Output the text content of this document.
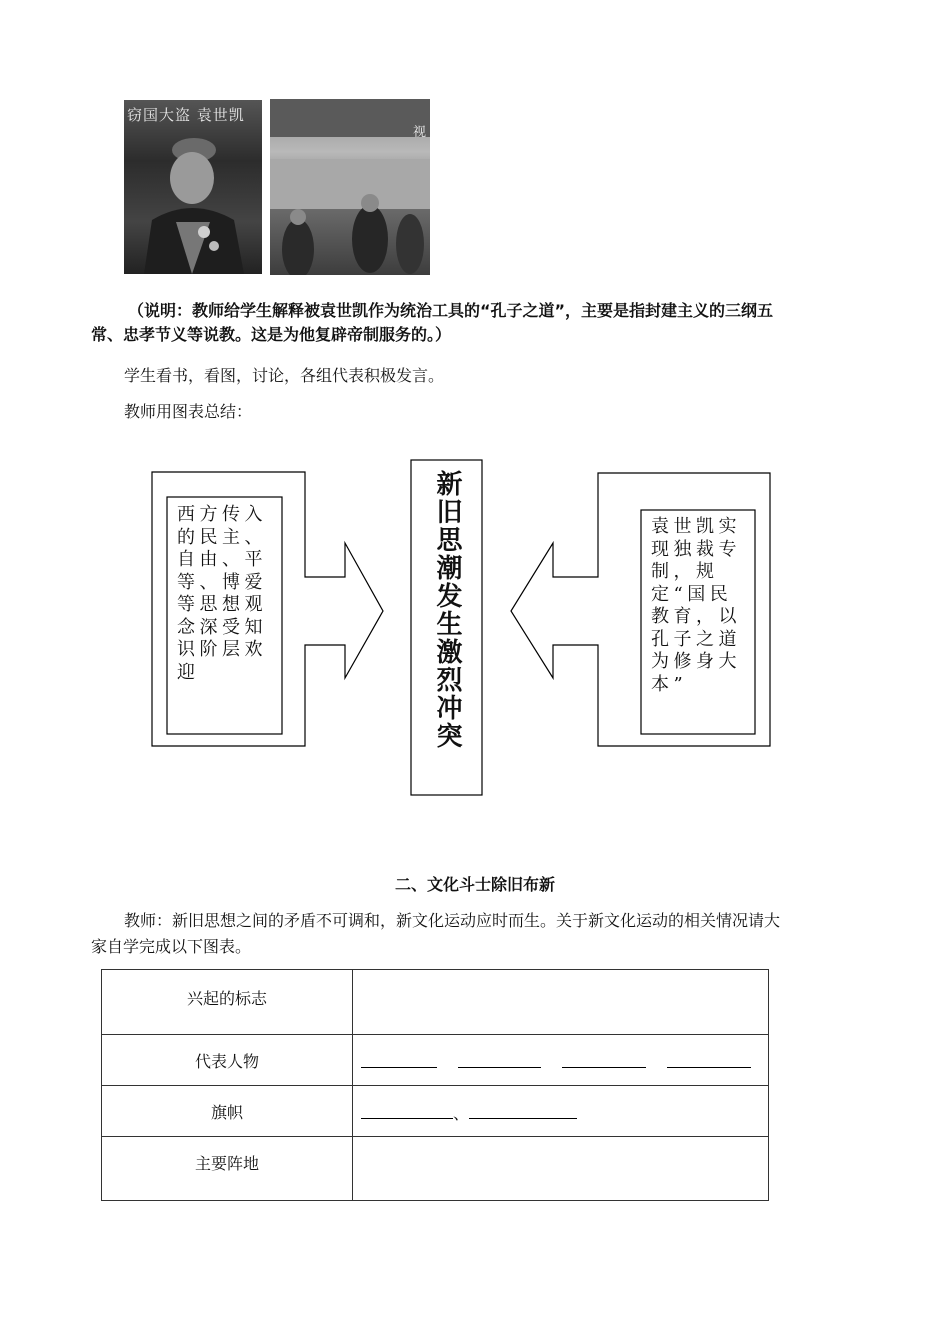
窃国大盗 袁世凯
视
（说明：教师给学生解释被袁世凯作为统治工具的“孔子之道”，主要是指封建主义的三纲五
常、忠孝节义等说教。这是为他复辟帝制服务的。）
学生看书，看图，讨论，各组代表积极发言。
教师用图表总结：
西方传入的民主、自由、平等、博爱等思想观念深受知识阶层欢迎	新旧思潮发生激烈冲突	袁世凯实现独裁专制，规定“国民教育，以孔子之道为修身大本”
二、文化斗士除旧布新
教师：新旧思想之间的矛盾不可调和，新文化运动应时而生。关于新文化运动的相关情况请大
家自学完成以下图表。
兴起的标志	
代表人物	
旗帜	、
主要阵地	
